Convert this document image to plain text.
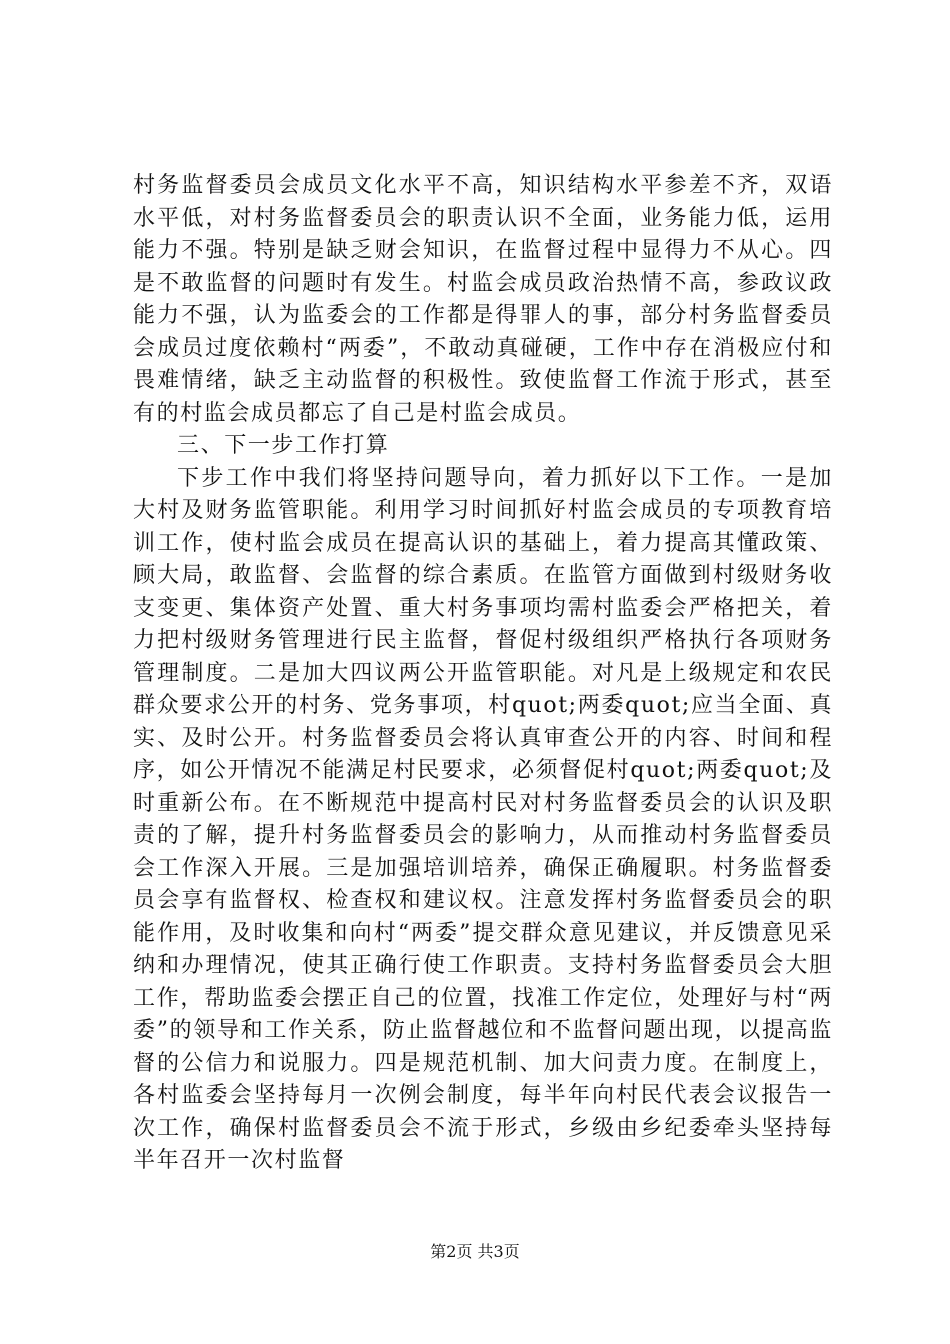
村务监督委员会成员文化水平不高，知识结构水平参差不齐，双语水平低，对村务监督委员会的职责认识不全面，业务能力低，运用能力不强。特别是缺乏财会知识，在监督过程中显得力不从心。四是不敢监督的问题时有发生。村监会成员政治热情不高，参政议政能力不强，认为监委会的工作都是得罪人的事，部分村务监督委员会成员过度依赖村“两委”，不敢动真碰硬，工作中存在消极应付和畏难情绪，缺乏主动监督的积极性。致使监督工作流于形式，甚至有的村监会成员都忘了自己是村监会成员。

三、下一步工作打算

下步工作中我们将坚持问题导向，着力抓好以下工作。一是加大村及财务监管职能。利用学习时间抓好村监会成员的专项教育培训工作，使村监会成员在提高认识的基础上，着力提高其懂政策、顾大局，敢监督、会监督的综合素质。在监管方面做到村级财务收支变更、集体资产处置、重大村务事项均需村监委会严格把关，着力把村级财务管理进行民主监督，督促村级组织严格执行各项财务管理制度。二是加大四议两公开监管职能。对凡是上级规定和农民群众要求公开的村务、党务事项，村quot;两委quot;应当全面、真实、及时公开。村务监督委员会将认真审查公开的内容、时间和程序，如公开情况不能满足村民要求，必须督促村quot;两委quot;及时重新公布。在不断规范中提高村民对村务监督委员会的认识及职责的了解，提升村务监督委员会的影响力，从而推动村务监督委员会工作深入开展。三是加强培训培养，确保正确履职。村务监督委员会享有监督权、检查权和建议权。注意发挥村务监督委员会的职能作用，及时收集和向村“两委”提交群众意见建议，并反馈意见采纳和办理情况，使其正确行使工作职责。支持村务监督委员会大胆工作，帮助监委会摆正自己的位置，找准工作定位，处理好与村“两委”的领导和工作关系，防止监督越位和不监督问题出现，以提高监督的公信力和说服力。四是规范机制、加大问责力度。在制度上，各村监委会坚持每月一次例会制度，每半年向村民代表会议报告一次工作，确保村监督委员会不流于形式，乡级由乡纪委牵头坚持每半年召开一次村监督

第2页 共3页
